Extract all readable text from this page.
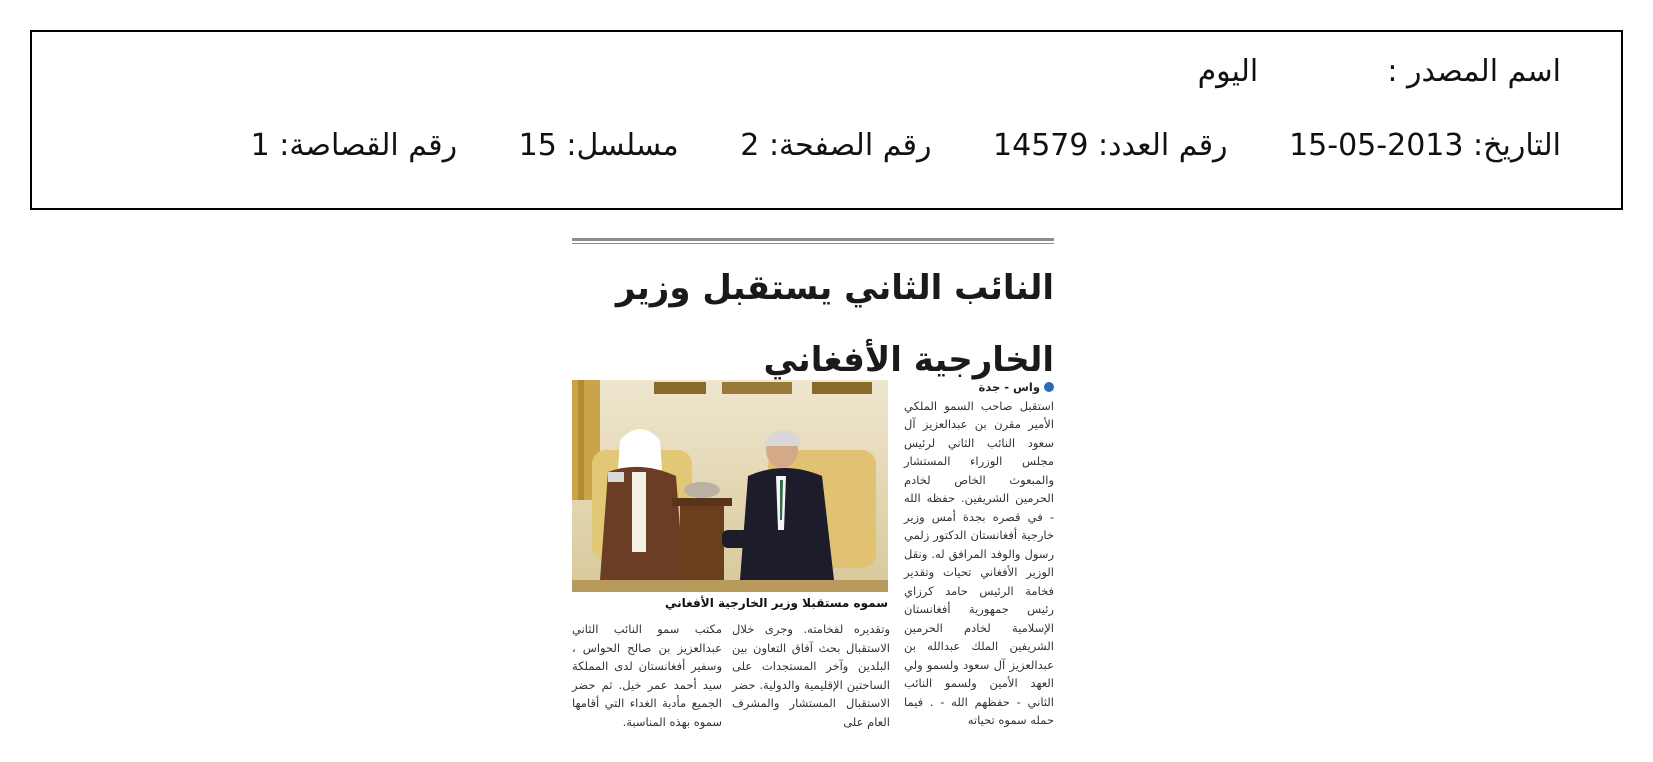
اسم المصدر :  اليوم
التاريخ: 2013-05-15 رقم العدد: 14579 رقم الصفحة: 2 مسلسل: 15 رقم القصاصة: 1
النائب الثاني يستقبل وزير
الخارجية الأفغاني
واس - جدة
استقبل صاحب السمو الملكي الأمير مقرن بن عبدالعزيز آل سعود النائب الثاني لرئيس مجلس الوزراء المستشار والمبعوث الخاص لخادم الحرمين الشريفين. حفظه الله - في قصره بجدة أمس وزير خارجية أفغانستان الدكتور زلمي رسول والوفد المرافق له. ونقل الوزير الأفغاني تحيات وتقدير فخامة الرئيس حامد كرزاي رئيس جمهورية أفغانستان الإسلامية لخادم الحرمين الشريفين الملك عبدالله بن عبدالعزيز آل سعود ولسمو ولي العهد الأمين ولسمو النائب الثاني - حفظهم الله - . فيما حمله سموه تحياته
سموه مستقبلا وزير الخارجية الأفغاني
وتقديره لفخامته. وجرى خلال الاستقبال بحث آفاق التعاون بين البلدين وآخر المستجدات على الساحتين الإقليمية والدولية. حضر الاستقبال المستشار والمشرف العام على
مكتب سمو النائب الثاني عبدالعزيز بن صالح الحواس ، وسفير أفغانستان لدى المملكة سيد أحمد عمر خيل. ثم حضر الجميع مأدبة الغداء التي أقامها سموه بهذه المناسبة.
